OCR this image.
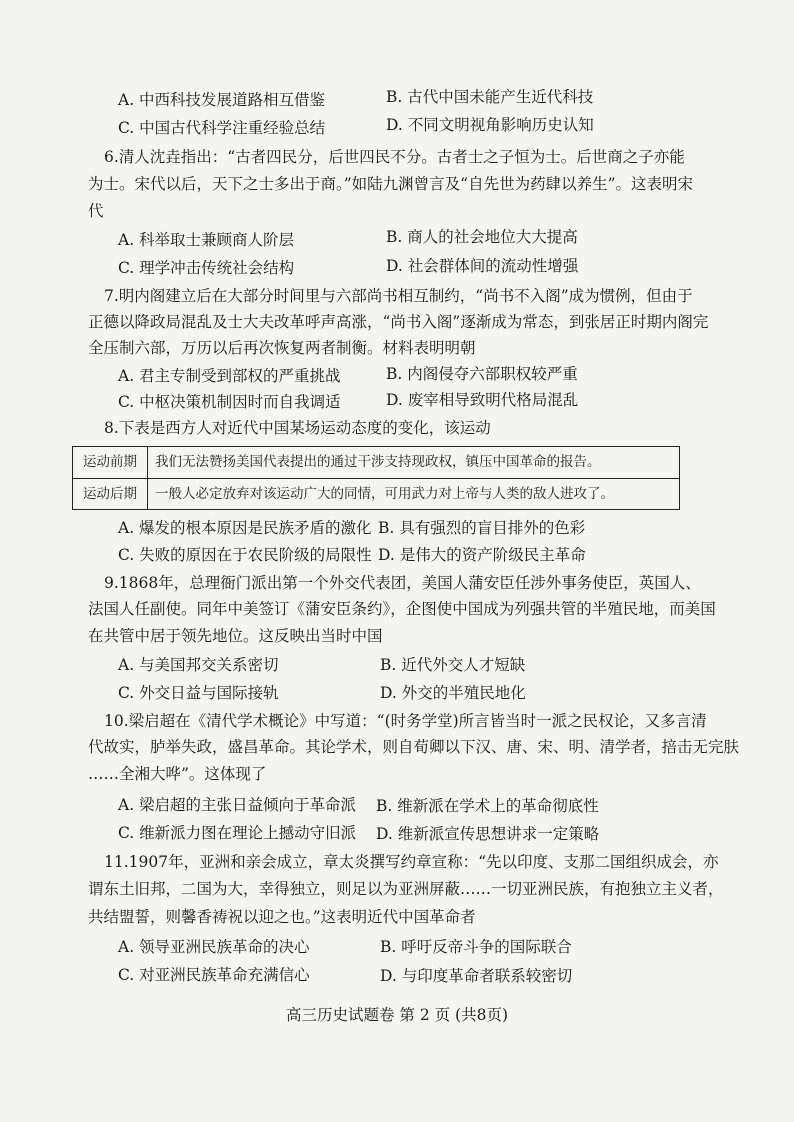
A. 中西科技发展道路相互借鉴	B. 古代中国未能产生近代科技
C. 中国古代科学注重经验总结	D. 不同文明视角影响历史认知
6.清人沈垚指出：“古者四民分，后世四民不分。古者士之子恒为士。后世商之子亦能
为士。宋代以后，天下之士多出于商。”如陆九渊曾言及“自先世为药肆以养生”。这表明宋
代
A. 科举取士兼顾商人阶层	B. 商人的社会地位大大提高
C. 理学冲击传统社会结构	D. 社会群体间的流动性增强
7.明内阁建立后在大部分时间里与六部尚书相互制约，“尚书不入阁”成为惯例，但由于
正德以降政局混乱及士大夫改革呼声高涨，“尚书入阁”逐渐成为常态，到张居正时期内阁完
全压制六部，万历以后再次恢复两者制衡。材料表明明朝
A. 君主专制受到部权的严重挑战	B. 内阁侵夺六部职权较严重
C. 中枢决策机制因时而自我调适	D. 废宰相导致明代格局混乱
8.下表是西方人对近代中国某场运动态度的变化，该运动
运动前期	我们无法赞扬美国代表提出的通过干涉支持现政权，镇压中国革命的报告。
运动后期	一般人必定放弃对该运动广大的同情，可用武力对上帝与人类的敌人进攻了。
A. 爆发的根本原因是民族矛盾的激化 B. 具有强烈的盲目排外的色彩
C. 失败的原因在于农民阶级的局限性 D. 是伟大的资产阶级民主革命
9.1868年，总理衙门派出第一个外交代表团，美国人蒲安臣任涉外事务使臣，英国人、
法国人任副使。同年中美签订《蒲安臣条约》，企图使中国成为列强共管的半殖民地，而美国
在共管中居于领先地位。这反映出当时中国
A. 与美国邦交关系密切	B. 近代外交人才短缺
C. 外交日益与国际接轨	D. 外交的半殖民地化
10.梁启超在《清代学术概论》中写道：“(时务学堂)所言皆当时一派之民权论，又多言清
代故实，胪举失政，盛昌革命。其论学术，则自荀卿以下汉、唐、宋、明、清学者，掊击无完肤
……全湘大哗”。这体现了
A. 梁启超的主张日益倾向于革命派 B. 维新派在学术上的革命彻底性
C. 维新派力图在理论上撼动守旧派 D. 维新派宣传思想讲求一定策略
11.1907年，亚洲和亲会成立，章太炎撰写约章宣称：“先以印度、支那二国组织成会，亦
谓东土旧邦，二国为大，幸得独立，则足以为亚洲屏蔽……一切亚洲民族，有抱独立主义者，
共结盟誓，则馨香祷祝以迎之也。”这表明近代中国革命者
A. 领导亚洲民族革命的决心	B. 呼吁反帝斗争的国际联合
C. 对亚洲民族革命充满信心	D. 与印度革命者联系较密切
高三历史试题卷 第 2 页 (共8页)
